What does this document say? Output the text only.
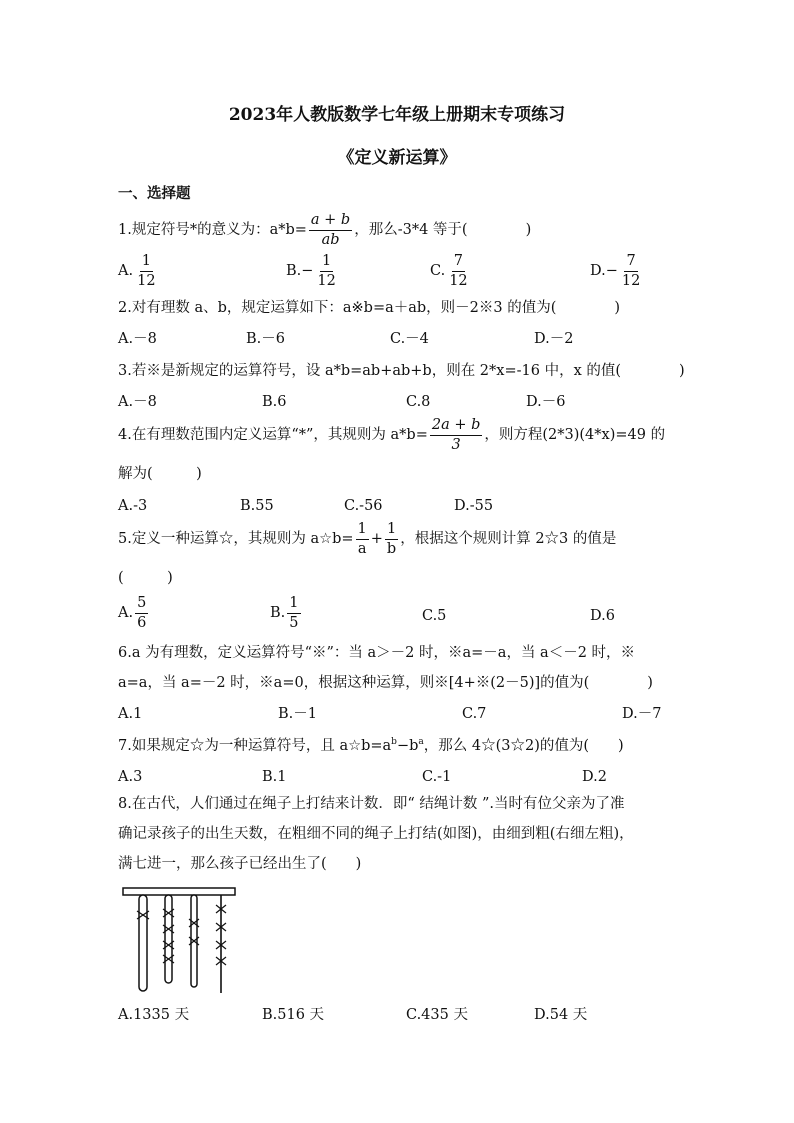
2023年人教版数学七年级上册期末专项练习
《定义新运算》
一、选择题
1.规定符号*的意义为：$a*b= \frac{a + b}{ab}$ ，那么-3*4 等于(　　　　)
A. $\frac{1}{12}$	$B.- \frac{1}{12}$	C. $\frac{7}{12}$	$D.- \frac{7}{12}$
2.对有理数 a、b，规定运算如下：a※b=a＋ab，则－2※3 的值为(　　　　)
A.－8	B.－6	C.－4	D.－2
3.若※是新规定的运算符号，设 a*b=ab+ab+b，则在 2*x=-16 中，x 的值(　　　　)
A.－8	B.6	C.8	D.－6
4.在有理数范围内定义运算“*”，其规则为 $a*b= \frac{2a + b}{3}$ ，则方程(2*3)(4*x)=49 的
解为(　　　)
A.-3	B.55	C.-56	D.-55
5.定义一种运算☆，其规则为 a☆b= $\frac{1}{a} + \frac{1}{b}$ ，根据这个规则计算 2☆3 的值是
(　　　)
A. $\frac{5}{6}$	B. $\frac{1}{5}$	C.5	D.6
6.a 为有理数，定义运算符号“※”：当 a＞－2 时，※a=－a，当 a＜－2 时，※
a=a，当 a=－2 时，※a=0，根据这种运算，则※[4+※(2－5)]的值为(　　　　)
A.1	B.－1	C.7	D.－7
7.如果规定☆为一种运算符号，且 $a☆b=a^b-b^a$，那么 4☆(3☆2)的值为(　　)
A.3	B.1	C.-1	D.2
8.在古代，人们通过在绳子上打结来计数．即“ 结绳计数 ”.当时有位父亲为了准
确记录孩子的出生天数，在粗细不同的绳子上打结(如图)，由细到粗(右细左粗)，
满七进一，那么孩子已经出生了(　　)
A.1335 天	B.516 天	C.435 天	D.54 天
